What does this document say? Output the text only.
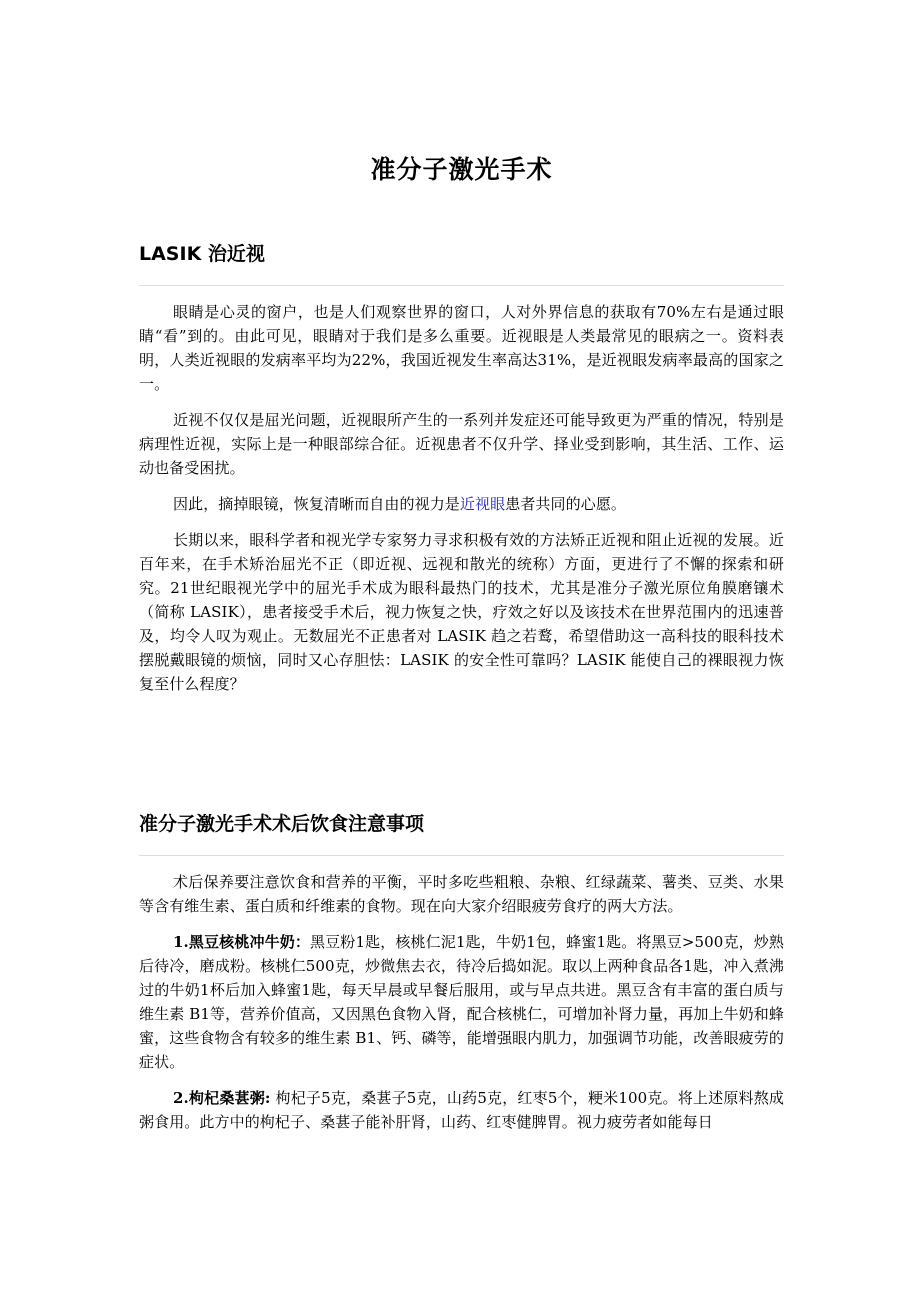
准分子激光手术
LASIK 治近视

眼睛是心灵的窗户，也是人们观察世界的窗口，人对外界信息的获取有70%左右是通过眼睛“看”到的。由此可见，眼睛对于我们是多么重要。近视眼是人类最常见的眼病之一。资料表明，人类近视眼的发病率平均为22%，我国近视发生率高达31%，是近视眼发病率最高的国家之一。

近视不仅仅是屈光问题，近视眼所产生的一系列并发症还可能导致更为严重的情况，特别是病理性近视，实际上是一种眼部综合征。近视患者不仅升学、择业受到影响，其生活、工作、运动也备受困扰。

因此，摘掉眼镜，恢复清晰而自由的视力是近视眼患者共同的心愿。

长期以来，眼科学者和视光学专家努力寻求积极有效的方法矫正近视和阻止近视的发展。近百年来，在手术矫治屈光不正（即近视、远视和散光的统称）方面，更进行了不懈的探索和研究。21世纪眼视光学中的屈光手术成为眼科最热门的技术，尤其是准分子激光原位角膜磨镶术（简称 LASIK），患者接受手术后，视力恢复之快，疗效之好以及该技术在世界范围内的迅速普及，均令人叹为观止。无数屈光不正患者对 LASIK 趋之若鹜，希望借助这一高科技的眼科技术摆脱戴眼镜的烦恼，同时又心存胆怯：LASIK 的安全性可靠吗？LASIK 能使自己的裸眼视力恢复至什么程度？

准分子激光手术术后饮食注意事项

术后保养要注意饮食和营养的平衡，平时多吃些粗粮、杂粮、红绿蔬菜、薯类、豆类、水果等含有维生素、蛋白质和纤维素的食物。现在向大家介绍眼疲劳食疗的两大方法。

1.黑豆核桃冲牛奶：黑豆粉1匙，核桃仁泥1匙，牛奶1包，蜂蜜1匙。将黑豆>500克，炒熟后待冷，磨成粉。核桃仁500克，炒微焦去衣，待冷后捣如泥。取以上两种食品各1匙，冲入煮沸过的牛奶1杯后加入蜂蜜1匙，每天早晨或早餐后服用，或与早点共进。黑豆含有丰富的蛋白质与维生素 B1等，营养价值高，又因黑色食物入肾，配合核桃仁，可增加补肾力量，再加上牛奶和蜂蜜，这些食物含有较多的维生素 B1、钙、磷等，能增强眼内肌力，加强调节功能，改善眼疲劳的症状。

2.枸杞桑葚粥: 枸杞子5克，桑葚子5克，山药5克，红枣5个，粳米100克。将上述原料熬成粥食用。此方中的枸杞子、桑葚子能补肝肾，山药、红枣健脾胃。视力疲劳者如能每日
